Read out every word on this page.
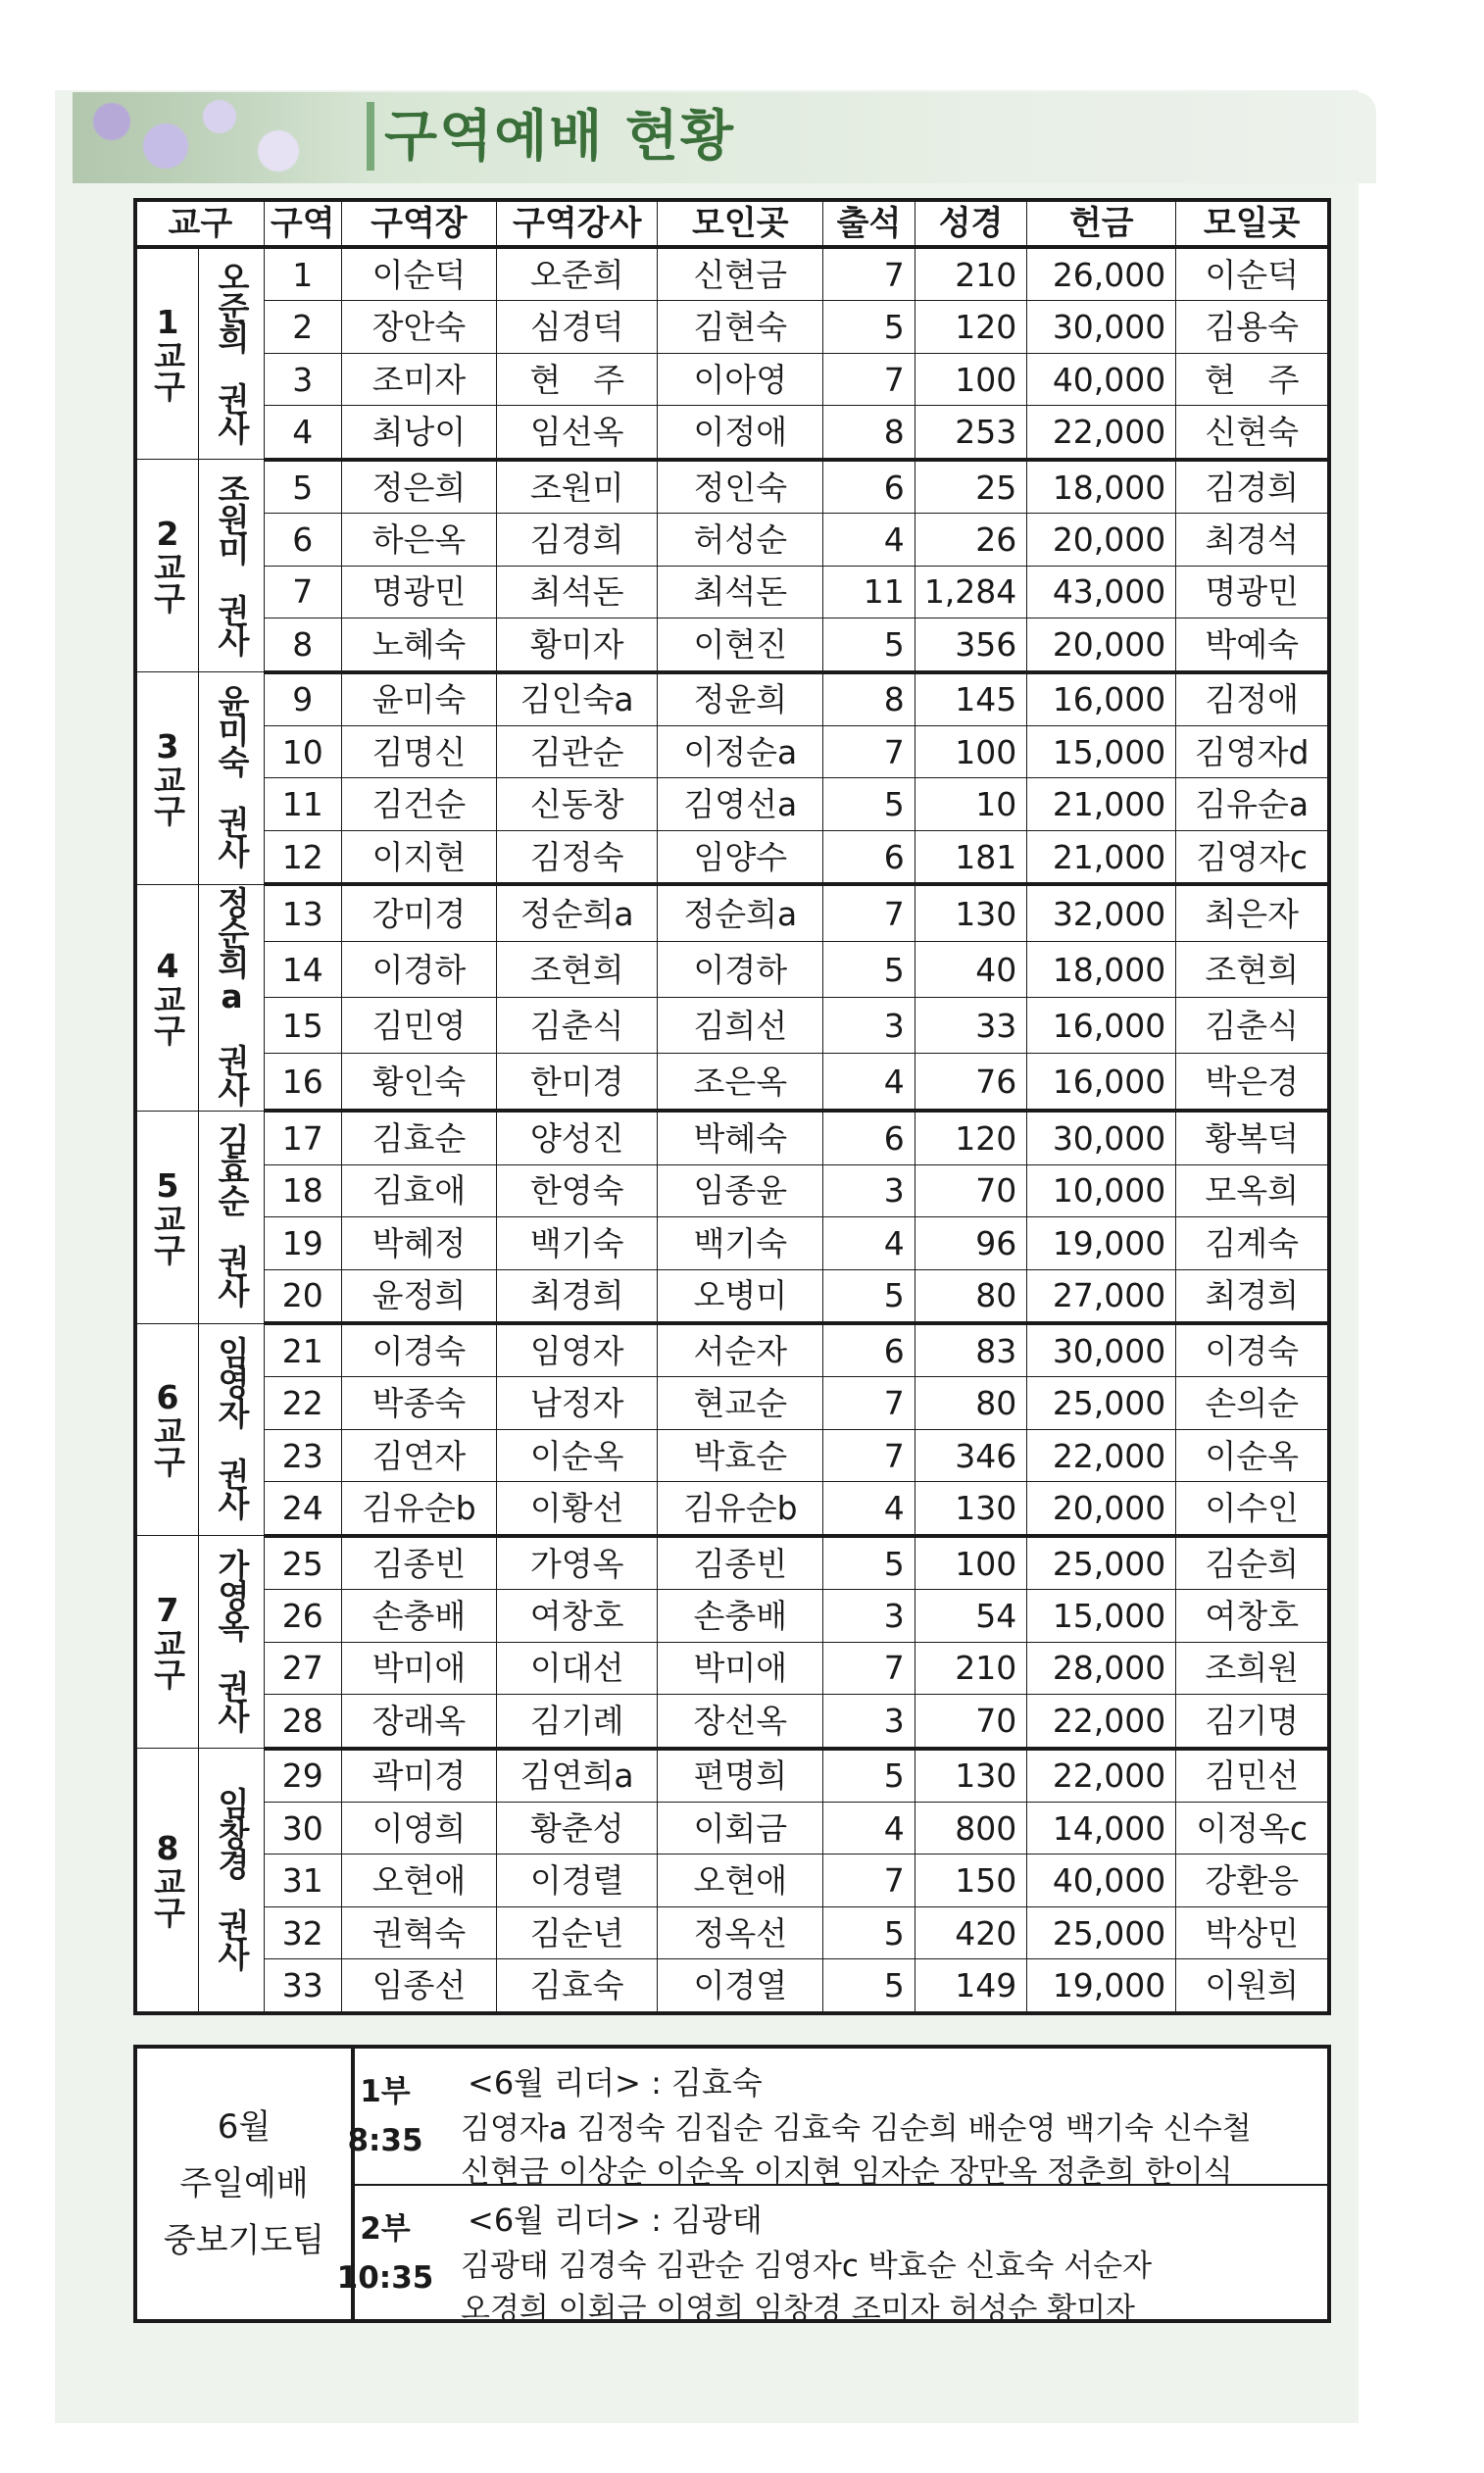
구역예배 현황
교구		구역	구역장	구역강사	모인곳	출석	성경	헌금	모일곳
1교구	오준희　권사	1	이순덕	오준희	신현금	7	210	26,000	이순덕
		2	장안숙	심경덕	김현숙	5	120	30,000	김용숙
		3	조미자	현　주	이아영	7	100	40,000	현　주
		4	최낭이	임선옥	이정애	8	253	22,000	신현숙
2교구	조원미　권사	5	정은희	조원미	정인숙	6	25	18,000	김경희
		6	하은옥	김경희	허성순	4	26	20,000	최경석
		7	명광민	최석돈	최석돈	11	1,284	43,000	명광민
		8	노혜숙	황미자	이현진	5	356	20,000	박예숙
3교구	윤미숙　권사	9	윤미숙	김인숙a	정윤희	8	145	16,000	김정애
		10	김명신	김관순	이정순a	7	100	15,000	김영자d
		11	김건순	신동창	김영선a	5	10	21,000	김유순a
		12	이지현	김정숙	임양수	6	181	21,000	김영자c
4교구	정순희a　권사	13	강미경	정순희a	정순희a	7	130	32,000	최은자
		14	이경하	조현희	이경하	5	40	18,000	조현희
		15	김민영	김춘식	김희선	3	33	16,000	김춘식
		16	황인숙	한미경	조은옥	4	76	16,000	박은경
5교구	김효순　권사	17	김효순	양성진	박혜숙	6	120	30,000	황복덕
		18	김효애	한영숙	임종윤	3	70	10,000	모옥희
		19	박혜정	백기숙	백기숙	4	96	19,000	김계숙
		20	윤정희	최경희	오병미	5	80	27,000	최경희
6교구	임영자　권사	21	이경숙	임영자	서순자	6	83	30,000	이경숙
		22	박종숙	남정자	현교순	7	80	25,000	손의순
		23	김연자	이순옥	박효순	7	346	22,000	이순옥
		24	김유순b	이황선	김유순b	4	130	20,000	이수인
7교구	가영옥　권사	25	김종빈	가영옥	김종빈	5	100	25,000	김순희
		26	손충배	여창호	손충배	3	54	15,000	여창호
		27	박미애	이대선	박미애	7	210	28,000	조희원
		28	장래옥	김기례	장선옥	3	70	22,000	김기명
8교구	임창경　권사	29	곽미경	김연희a	편명희	5	130	22,000	김민선
		30	이영희	황춘성	이회금	4	800	14,000	이정옥c
		31	오현애	이경렬	오현애	7	150	40,000	강환응
		32	권혁숙	김순년	정옥선	5	420	25,000	박상민
		33	임종선	김효숙	이경열	5	149	19,000	이원희
6월
주일예배
중보기도팀
1부
8:35
<6월 리더> : 김효숙
김영자a 김정숙 김집순 김효숙 김순희 배순영 백기숙 신수철
신현금 이상순 이순옥 이지현 임자순 장만옥 정춘희 한이식
2부
10:35
<6월 리더> : 김광태
김광태 김경숙 김관순 김영자c 박효순 신효숙 서순자
오경희 이회금 이영희 임창경 조미자 허성순 황미자
